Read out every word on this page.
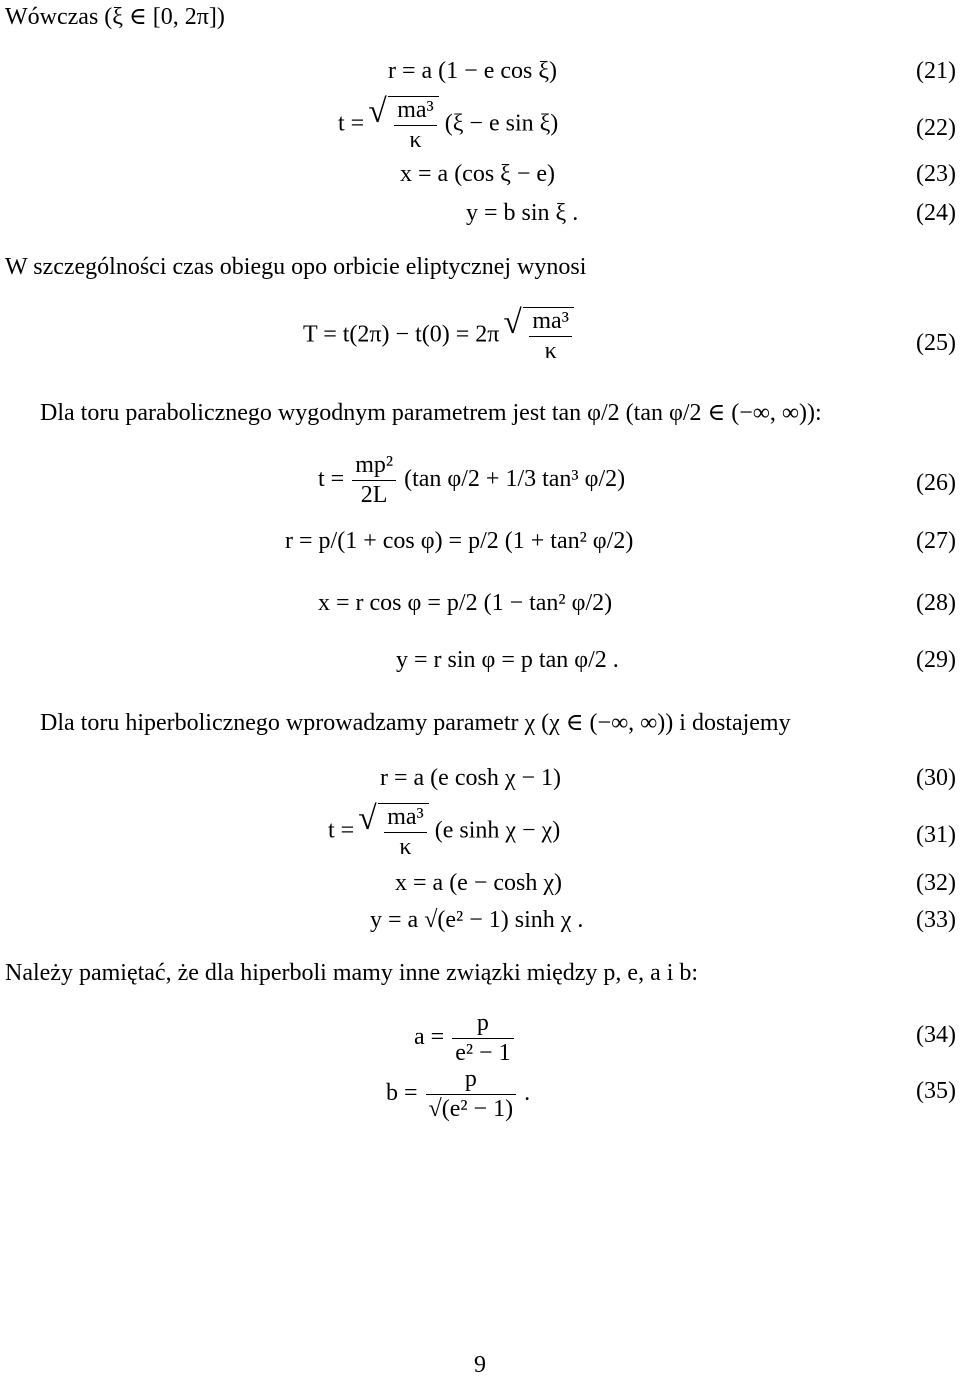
Wówczas (ξ ∈ [0, 2π])
r = a (1 − e cos ξ)	(21)
t = √ $\frac{\text{ma³}}{\kappa} (\xi - e$ sin ξ)	(22)
x = a (cos ξ − e)	(23)
y = b sin ξ .	(24)
W szczególności czas obiegu opo orbicie eliptycznej wynosi
T = t(2π) − t(0) = 2π √ $\frac{\text{ma³}}{\kappa}$	(25)
Dla toru parabolicznego wygodnym parametrem jest tan φ/2 (tan φ/2 ∈ (−∞, ∞)):
$t = \frac{\text{mp²}}{2L} (\tan$ φ/2 + 1/3 tan³ φ/2)	(26)
r = p/(1 + cos φ) = p/2 (1 + tan² φ/2)	(27)
x = r cos φ = p/2 (1 − tan² φ/2)	(28)
y = r sin φ = p tan φ/2 .	(29)
Dla toru hiperbolicznego wprowadzamy parametr χ (χ ∈ (−∞, ∞)) i dostajemy
r = a (e cosh χ − 1)	(30)
t = √ $\frac{\text{ma³}}{\kappa} (e$ sinh χ − χ)	(31)
x = a (e − cosh χ)	(32)
y = a √(e² − 1) sinh χ .	(33)
Należy pamiętać, że dla hiperboli mamy inne związki między p, e, a i b:
$a = \frac{p}{\text{e² − 1}}$	(34)
$b = \frac{p}{\text{√(e² − 1)}}$ .	(35)
9
